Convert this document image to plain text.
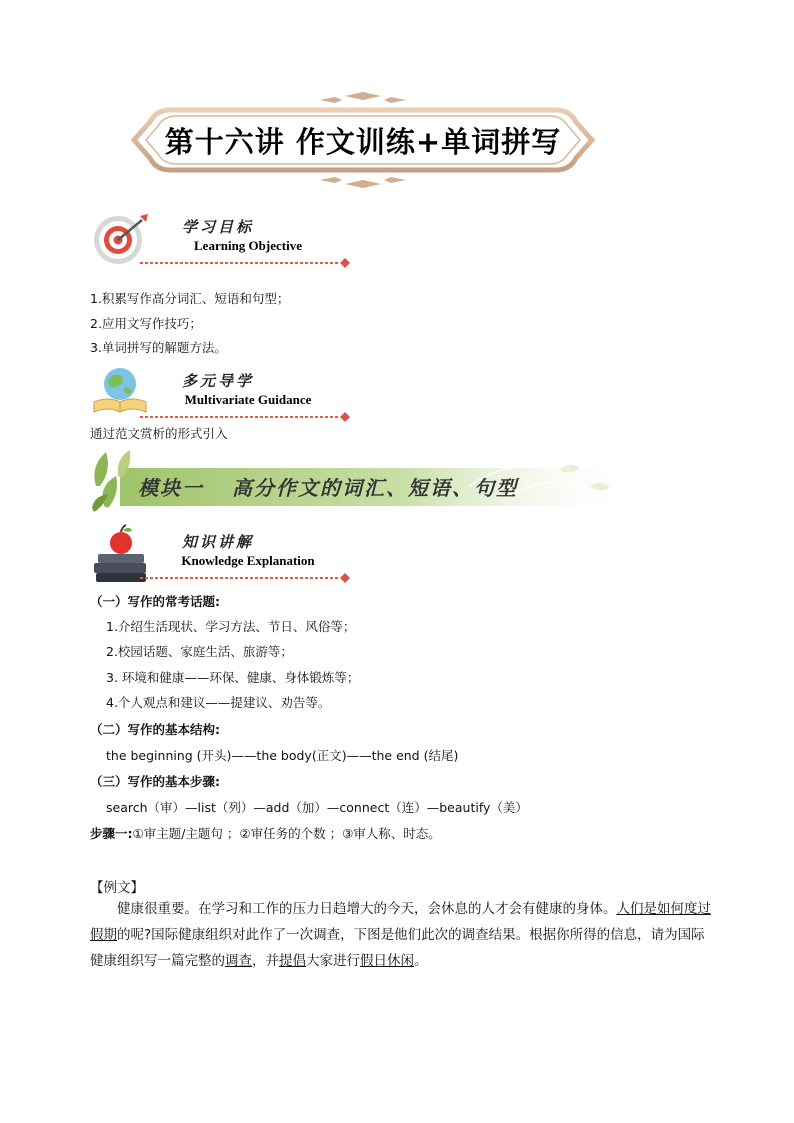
第十六讲 作文训练+单词拼写
学习目标
Learning Objective
1.积累写作高分词汇、短语和句型；
2.应用文写作技巧；
3.单词拼写的解题方法。
多元导学
Multivariate Guidance
通过范文赏析的形式引入
模块一 高分作文的词汇、短语、句型
知识讲解
Knowledge Explanation
（一）写作的常考话题:
1.介绍生活现状、学习方法、节日、风俗等；
2.校园话题、家庭生活、旅游等；
3. 环境和健康——环保、健康、身体锻炼等；
4.个人观点和建议——提建议、劝告等。
（二）写作的基本结构:
the beginning (开头)——the body(正文)——the end (结尾)
（三）写作的基本步骤:
search（审）—list（列）—add（加）—connect（连）—beautify（美）
步骤一:①审主题/主题句 ；②审任务的个数 ；③审人称、时态。
【例文】
健康很重要。在学习和工作的压力日趋增大的今天，会休息的人才会有健康的身体。人们是如何度过假期的呢?国际健康组织对此作了一次调查，下图是他们此次的调查结果。根据你所得的信息，请为国际健康组织写一篇完整的调查，并提倡大家进行假日休闲。
